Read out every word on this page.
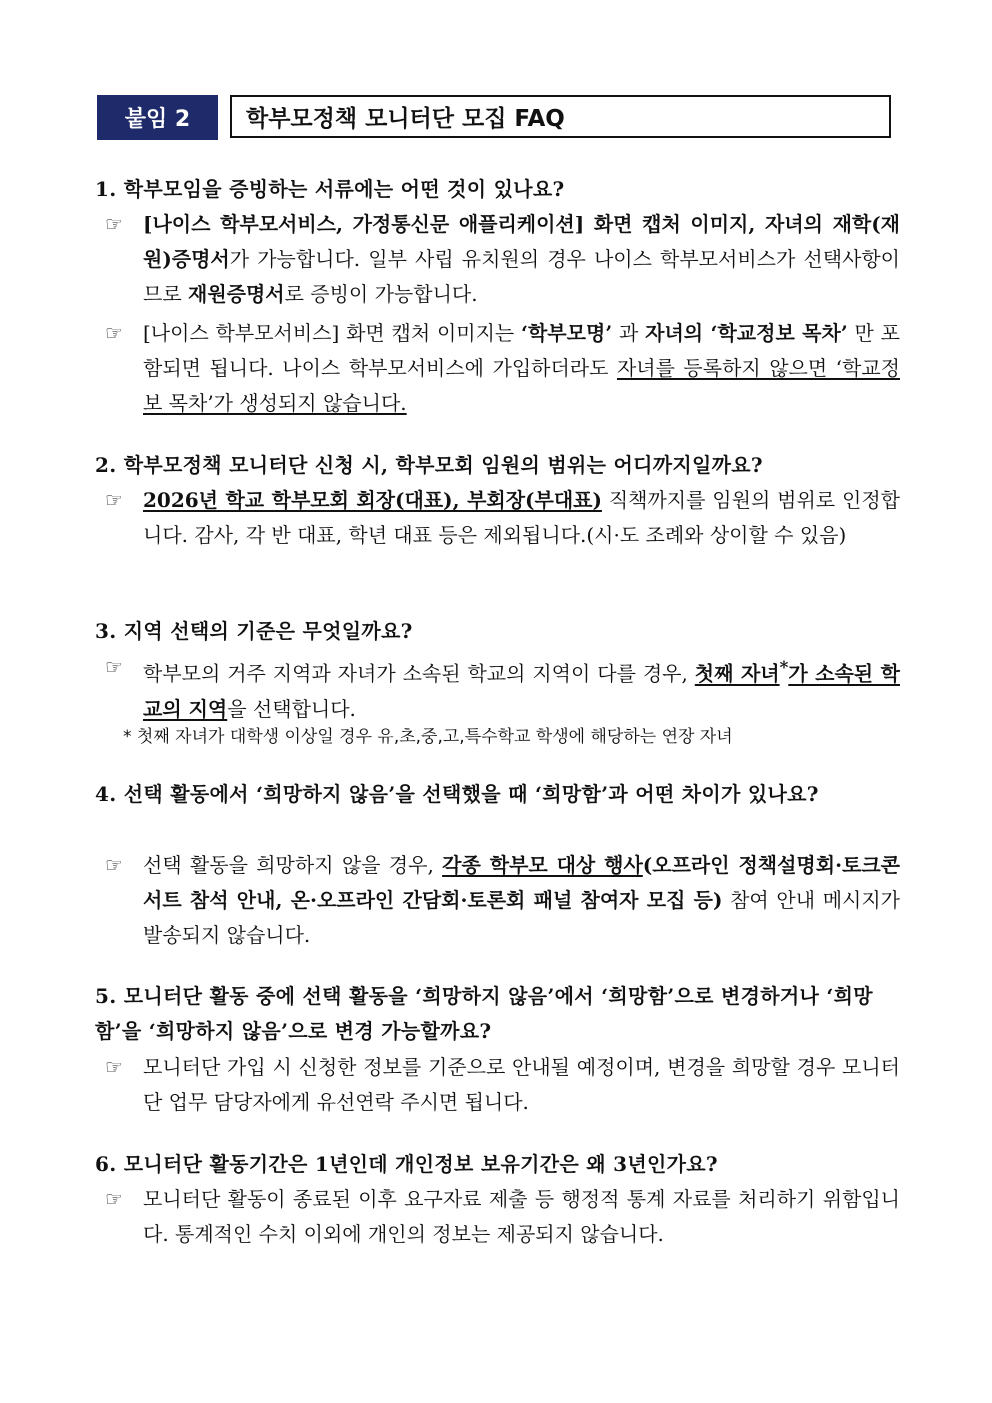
붙임 2	학부모정책 모니터단 모집 FAQ
1. 학부모임을 증빙하는 서류에는 어떤 것이 있나요?
☞	[나이스 학부모서비스, 가정통신문 애플리케이션] 화면 캡처 이미지, 자녀의 재학(재원)증명서가 가능합니다. 일부 사립 유치원의 경우 나이스 학부모서비스가 선택사항이므로 재원증명서로 증빙이 가능합니다.
☞	[나이스 학부모서비스] 화면 캡처 이미지는 ‘학부모명’ 과 자녀의 ‘학교정보 목차’ 만 포함되면 됩니다. 나이스 학부모서비스에 가입하더라도 자녀를 등록하지 않으면 ‘학교정보 목차’가 생성되지 않습니다.
2. 학부모정책 모니터단 신청 시, 학부모회 임원의 범위는 어디까지일까요?
☞	2026년 학교 학부모회 회장(대표), 부회장(부대표) 직책까지를 임원의 범위로 인정합니다. 감사, 각 반 대표, 학년 대표 등은 제외됩니다.(시·도 조례와 상이할 수 있음)
3. 지역 선택의 기준은 무엇일까요?
☞	학부모의 거주 지역과 자녀가 소속된 학교의 지역이 다를 경우, 첫째 자녀*가 소속된 학교의 지역을 선택합니다.
* 첫째 자녀가 대학생 이상일 경우 유,초,중,고,특수학교 학생에 해당하는 연장 자녀
4. 선택 활동에서 ‘희망하지 않음’을 선택했을 때 ‘희망함’과 어떤 차이가 있나요?
☞	선택 활동을 희망하지 않을 경우, 각종 학부모 대상 행사(오프라인 정책설명회·토크콘서트 참석 안내, 온·오프라인 간담회·토론회 패널 참여자 모집 등) 참여 안내 메시지가 발송되지 않습니다.
5. 모니터단 활동 중에 선택 활동을 ‘희망하지 않음’에서 ‘희망함’으로 변경하거나 ‘희망함’을 ‘희망하지 않음’으로 변경 가능할까요?
☞	모니터단 가입 시 신청한 정보를 기준으로 안내될 예정이며, 변경을 희망할 경우 모니터단 업무 담당자에게 유선연락 주시면 됩니다.
6. 모니터단 활동기간은 1년인데 개인정보 보유기간은 왜 3년인가요?
☞	모니터단 활동이 종료된 이후 요구자료 제출 등 행정적 통계 자료를 처리하기 위함입니다. 통계적인 수치 이외에 개인의 정보는 제공되지 않습니다.
